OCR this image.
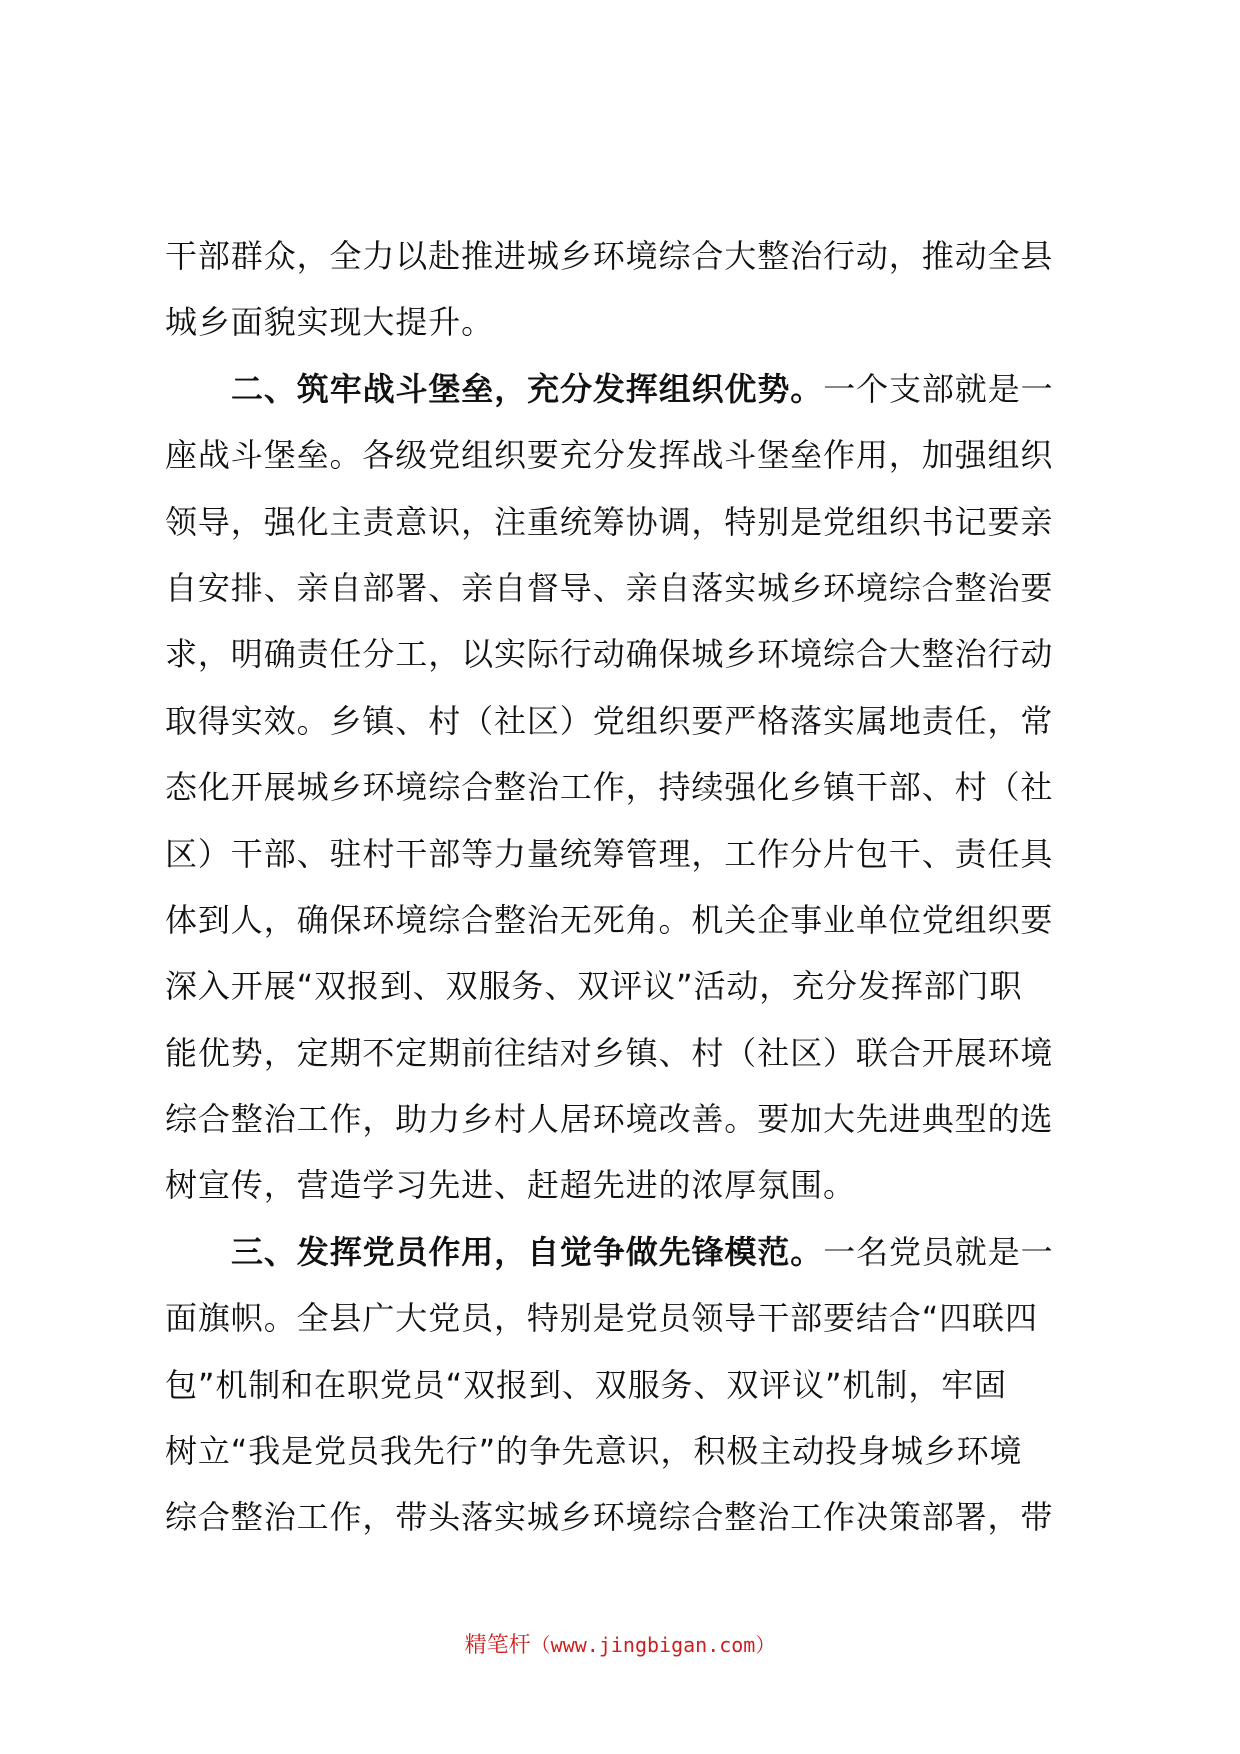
干部群众，全力以赴推进城乡环境综合大整治行动，推动全县
城乡面貌实现大提升。
二、筑牢战斗堡垒，充分发挥组织优势。一个支部就是一
座战斗堡垒。各级党组织要充分发挥战斗堡垒作用，加强组织
领导，强化主责意识，注重统筹协调，特别是党组织书记要亲
自安排、亲自部署、亲自督导、亲自落实城乡环境综合整治要
求，明确责任分工，以实际行动确保城乡环境综合大整治行动
取得实效。乡镇、村（社区）党组织要严格落实属地责任，常
态化开展城乡环境综合整治工作，持续强化乡镇干部、村（社
区）干部、驻村干部等力量统筹管理，工作分片包干、责任具
体到人，确保环境综合整治无死角。机关企事业单位党组织要
深入开展“双报到、双服务、双评议”活动，充分发挥部门职
能优势，定期不定期前往结对乡镇、村（社区）联合开展环境
综合整治工作，助力乡村人居环境改善。要加大先进典型的选
树宣传，营造学习先进、赶超先进的浓厚氛围。
三、发挥党员作用，自觉争做先锋模范。一名党员就是一
面旗帜。全县广大党员，特别是党员领导干部要结合“四联四
包”机制和在职党员“双报到、双服务、双评议”机制，牢固
树立“我是党员我先行”的争先意识，积极主动投身城乡环境
综合整治工作，带头落实城乡环境综合整治工作决策部署，带
精笔杆（www.jingbigan.com）
